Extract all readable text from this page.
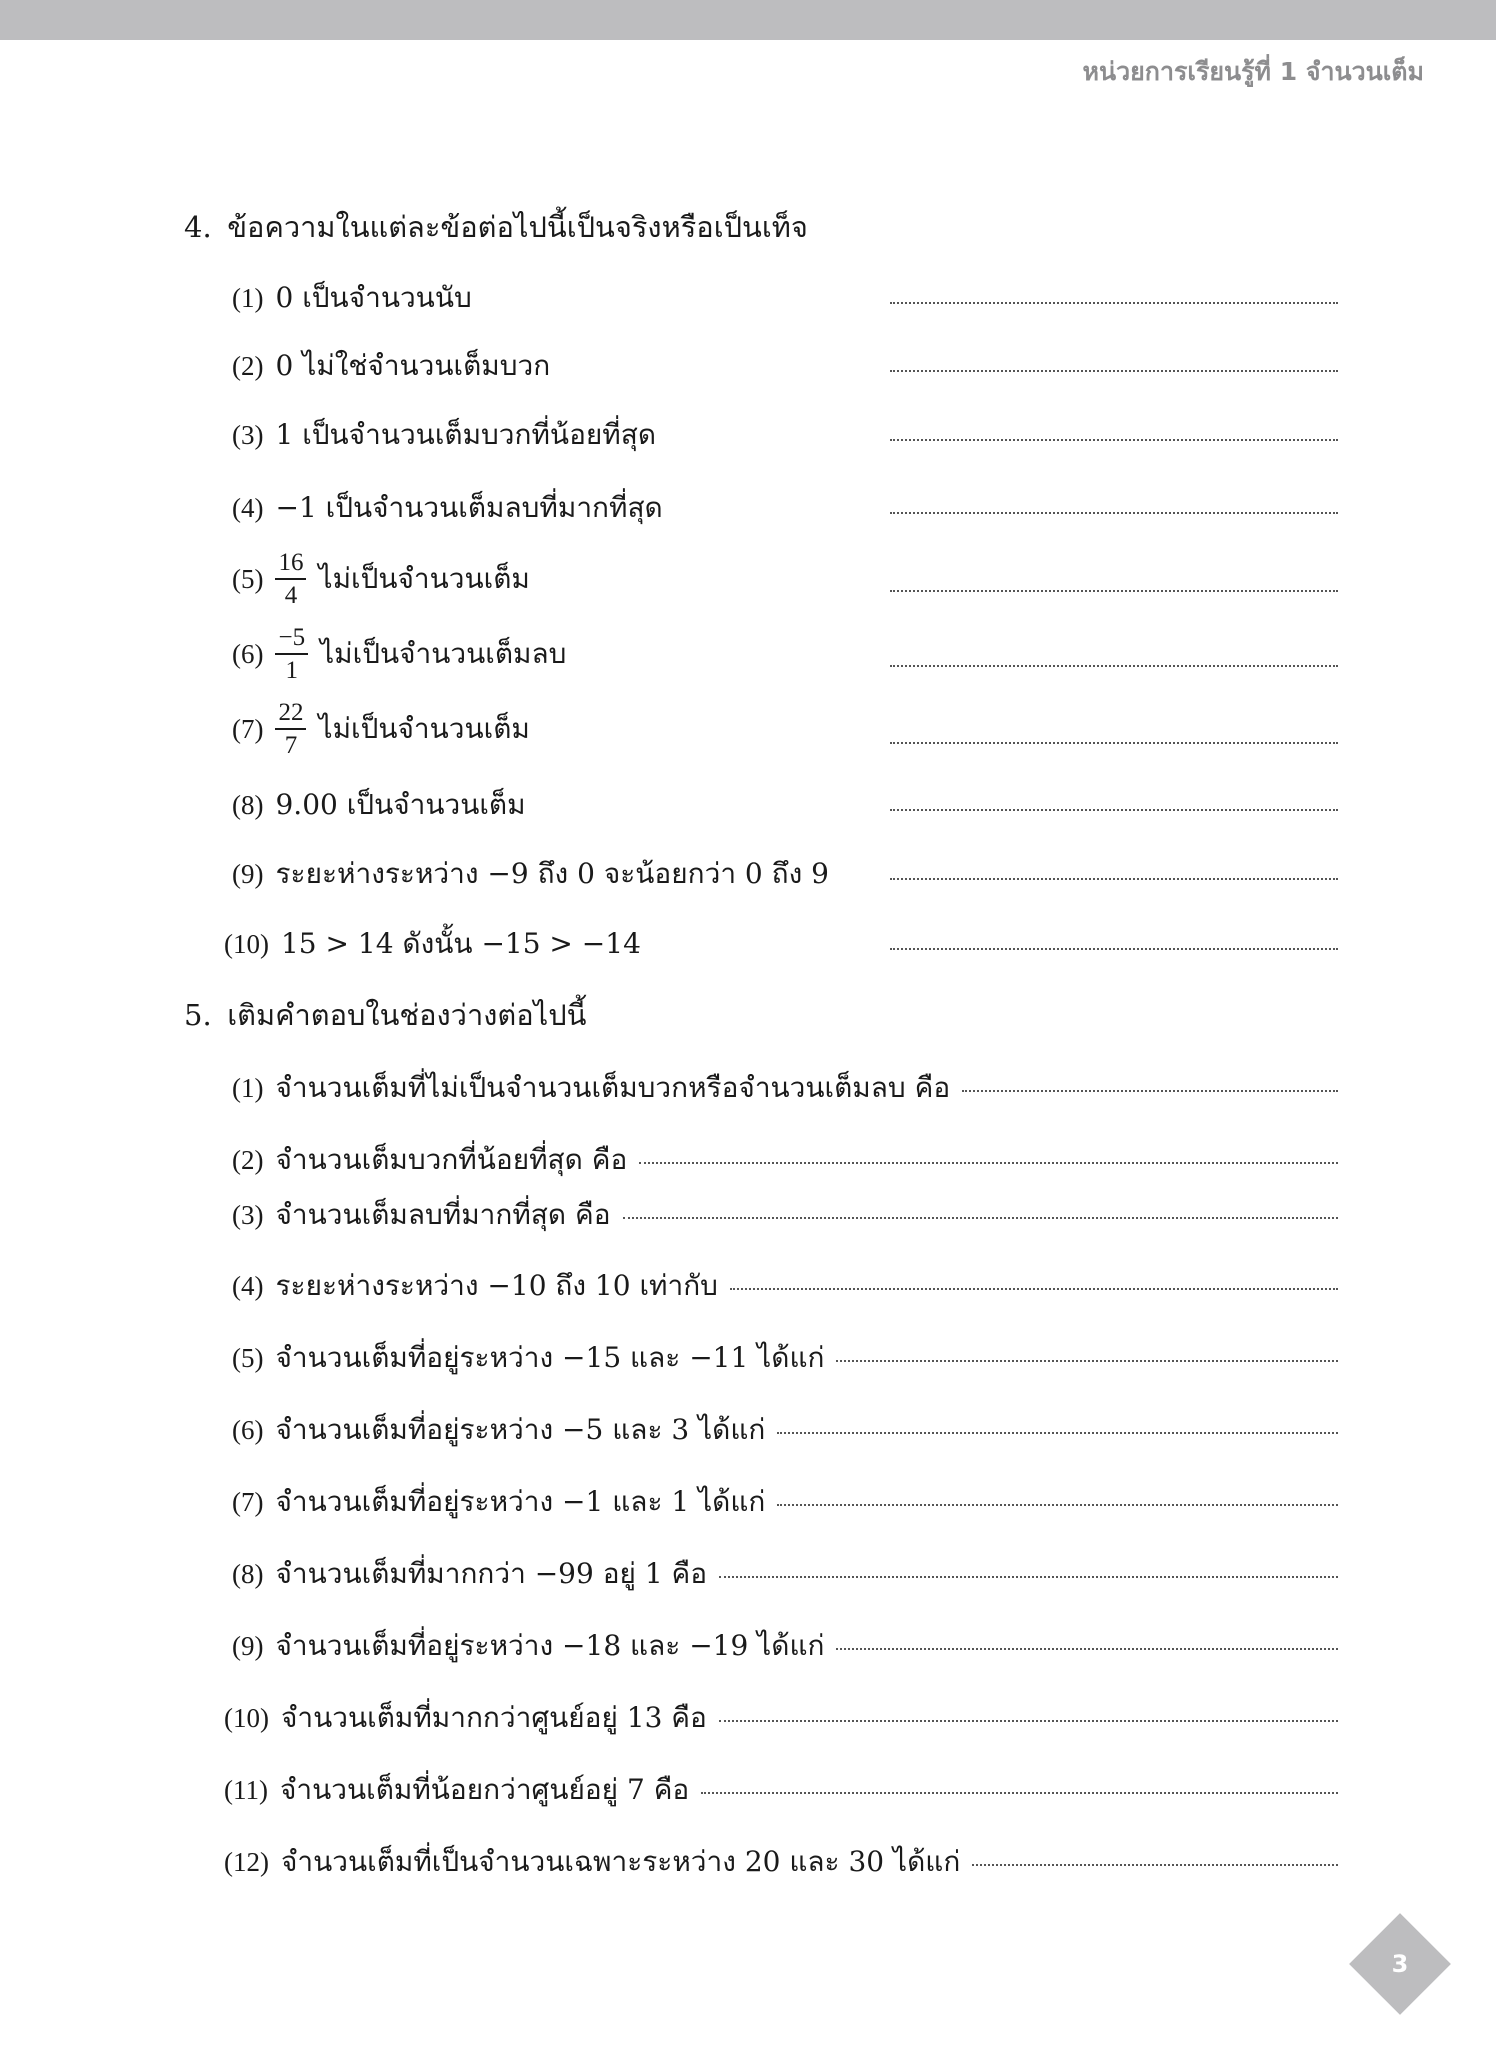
หน่วยการเรียนรู้ที่ 1 จำนวนเต็ม
4. ข้อความในแต่ละข้อต่อไปนี้เป็นจริงหรือเป็นเท็จ
(1) 0 เป็นจำนวนนับ
(2) 0 ไม่ใช่จำนวนเต็มบวก
(3) 1 เป็นจำนวนเต็มบวกที่น้อยที่สุด
(4) −1 เป็นจำนวนเต็มลบที่มากที่สุด
$(5) \frac{16}{4}$ ไม่เป็นจำนวนเต็ม
$(6) \frac{-5}{1}$ ไม่เป็นจำนวนเต็มลบ
$(7) \frac{22}{7}$ ไม่เป็นจำนวนเต็ม
(8) 9.00 เป็นจำนวนเต็ม
(9) ระยะห่างระหว่าง −9 ถึง 0 จะน้อยกว่า 0 ถึง 9
(10) 15 > 14 ดังนั้น −15 > −14
5. เติมคำตอบในช่องว่างต่อไปนี้
(1) จำนวนเต็มที่ไม่เป็นจำนวนเต็มบวกหรือจำนวนเต็มลบ คือ
(2) จำนวนเต็มบวกที่น้อยที่สุด คือ
(3) จำนวนเต็มลบที่มากที่สุด คือ
(4) ระยะห่างระหว่าง −10 ถึง 10 เท่ากับ
(5) จำนวนเต็มที่อยู่ระหว่าง −15 และ −11 ได้แก่
(6) จำนวนเต็มที่อยู่ระหว่าง −5 และ 3 ได้แก่
(7) จำนวนเต็มที่อยู่ระหว่าง −1 และ 1 ได้แก่
(8) จำนวนเต็มที่มากกว่า −99 อยู่ 1 คือ
(9) จำนวนเต็มที่อยู่ระหว่าง −18 และ −19 ได้แก่
(10) จำนวนเต็มที่มากกว่าศูนย์อยู่ 13 คือ
(11) จำนวนเต็มที่น้อยกว่าศูนย์อยู่ 7 คือ
(12) จำนวนเต็มที่เป็นจำนวนเฉพาะระหว่าง 20 และ 30 ได้แก่
3
